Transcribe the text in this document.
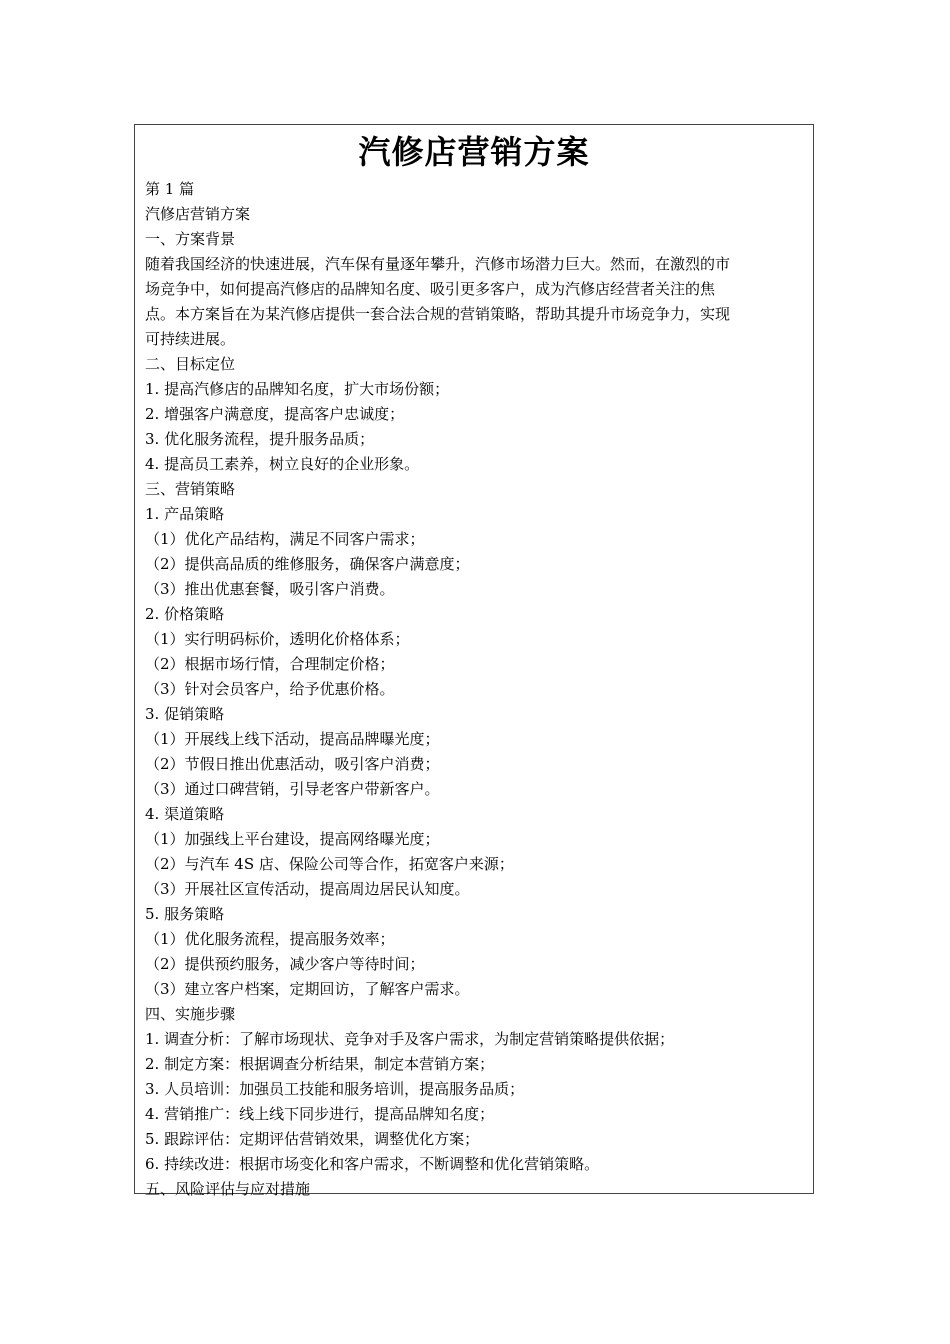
汽修店营销方案
第 1 篇
汽修店营销方案
一、方案背景
随着我国经济的快速进展，汽车保有量逐年攀升，汽修市场潜力巨大。然而，在激烈的市
场竞争中，如何提高汽修店的品牌知名度、吸引更多客户，成为汽修店经营者关注的焦
点。本方案旨在为某汽修店提供一套合法合规的营销策略，帮助其提升市场竞争力，实现
可持续进展。
二、目标定位
1. 提高汽修店的品牌知名度，扩大市场份额；
2. 增强客户满意度，提高客户忠诚度；
3. 优化服务流程，提升服务品质；
4. 提高员工素养，树立良好的企业形象。
三、营销策略
1. 产品策略
（1）优化产品结构，满足不同客户需求；
（2）提供高品质的维修服务，确保客户满意度；
（3）推出优惠套餐，吸引客户消费。
2. 价格策略
（1）实行明码标价，透明化价格体系；
（2）根据市场行情，合理制定价格；
（3）针对会员客户，给予优惠价格。
3. 促销策略
（1）开展线上线下活动，提高品牌曝光度；
（2）节假日推出优惠活动，吸引客户消费；
（3）通过口碑营销，引导老客户带新客户。
4. 渠道策略
（1）加强线上平台建设，提高网络曝光度；
（2）与汽车 4S 店、保险公司等合作，拓宽客户来源；
（3）开展社区宣传活动，提高周边居民认知度。
5. 服务策略
（1）优化服务流程，提高服务效率；
（2）提供预约服务，减少客户等待时间；
（3）建立客户档案，定期回访，了解客户需求。
四、实施步骤
1. 调查分析：了解市场现状、竞争对手及客户需求，为制定营销策略提供依据；
2. 制定方案：根据调查分析结果，制定本营销方案；
3. 人员培训：加强员工技能和服务培训，提高服务品质；
4. 营销推广：线上线下同步进行，提高品牌知名度；
5. 跟踪评估：定期评估营销效果，调整优化方案；
6. 持续改进：根据市场变化和客户需求，不断调整和优化营销策略。
五、风险评估与应对措施
